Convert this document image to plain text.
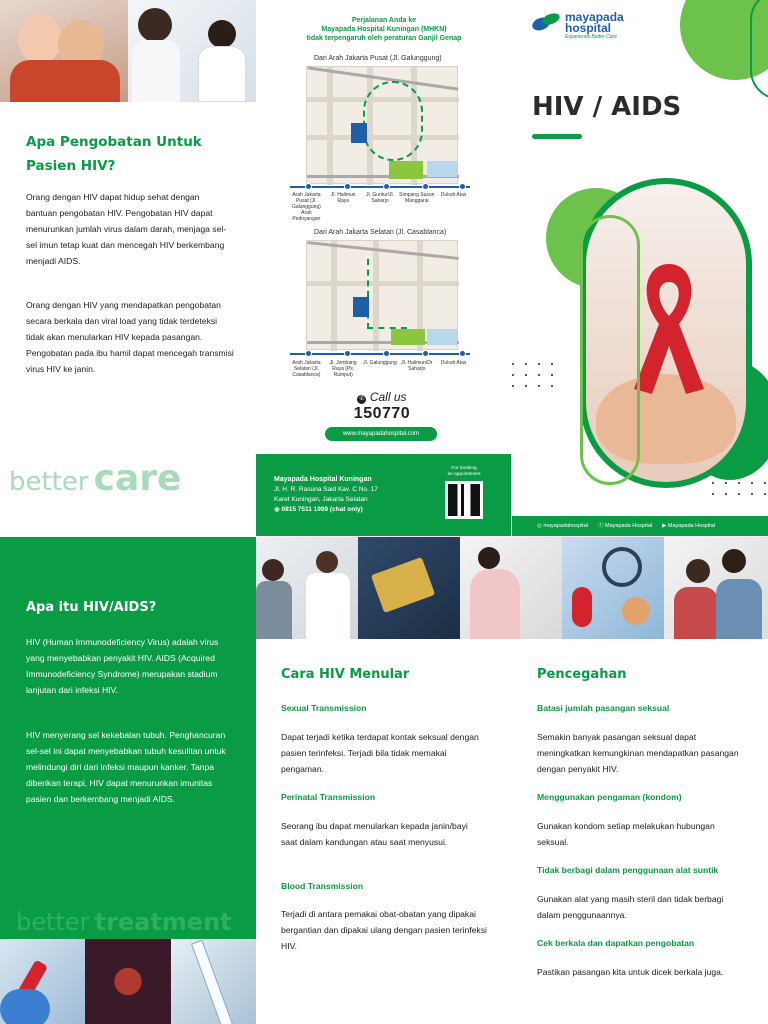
Apa Pengobatan Untuk
Pasien HIV?
Orang dengan HIV dapat hidup sehat dengan bantuan pengobatan HIV. Pengobatan HIV dapat menurunkan jumlah virus dalam darah, menjaga sel-sel imun tetap kuat dan mencegah HIV berkembang menjadi AIDS.
Orang dengan HIV yang mendapatkan pengobatan secara berkala dan viral load yang tidak terdeteksi tidak akan menularkan HIV kepada pasangan. Pengobatan pada ibu hamil dapat mencegah transmisi virus HIV ke janin.
better care
Perjalanan Anda ke
Mayapada Hospital Kuningan (MHKN)
tidak terpengaruh oleh peraturan Ganjil Genap
Dari Arah Jakarta Pusat (Jl. Galunggung)
Arah Jakarta Pusat (Jl. Galunggung) Arah Pedoyangan
Jl. Halimun Raya
Jl. Guntur/Jl. Saharjo
Simpang Susun Manggarai
Dukuh Atas
Dari Arah Jakarta Selatan (Jl. Casablanca)
Arah Jakarta Selatan (Jl. Casablanca)
Jl. Jombang Raya (Ps. Rumput)
Jl. Galunggung Jl. Halimun/Dr Saharjo
Dukuh Atas
✆ Call us
150770
www.mayapadahospital.com
Mayapada Hospital Kuningan
Jl. H. R. Rasuna Said Kav. C No. 17
Karet Kuningan, Jakarta Selatan
◉ 0815 7511 1999 (chat only)
For booking
an appointment
mayapada
hospital
Experience Better Care
HIV / AIDS
◎ mayapadahospital ⓕ Mayapada Hospital ▶ Mayapada Hospital
Apa itu HIV/AIDS?
HIV (Human Immunodeficiency Virus) adalah virus yang menyebabkan penyakit HIV. AIDS (Acquired Immunodeficiency Syndrome) merupakan stadium lanjutan dari infeksi HIV.
HIV menyerang sel kekebalan tubuh. Penghancuran sel-sel ini dapat menyebabkan tubuh kesulitan untuk melindungi diri dari infeksi maupun kanker. Tanpa diberikan terapi, HIV dapat menurunkan imunitas pasien dan berkembang menjadi AIDS.
better treatment
Cara HIV Menular
Sexual Transmission
Dapat terjadi ketika terdapat kontak seksual dengan pasien terinfeksi. Terjadi bila tidak memakai pengaman.
Perinatal Transmission
Seorang ibu dapat menularkan kepada janin/bayi saat dalam kandungan atau saat menyusui.
Blood Transmission
Terjadi di antara pemakai obat-obatan yang dipakai bergantian dan dipakai ulang dengan pasien terinfeksi HIV.
Pencegahan
Batasi jumlah pasangan seksual
Semakin banyak pasangan seksual dapat meningkatkan kemungkinan mendapatkan pasangan dengan penyakit HIV.
Menggunakan pengaman (kondom)
Gunakan kondom setiap melakukan hubungan seksual.
Tidak berbagi dalam penggunaan alat suntik
Gunakan alat yang masih steril dan tidak berbagi dalam penggunaannya.
Cek berkala dan dapatkan pengobatan
Pastikan pasangan kita untuk dicek berkala juga.
